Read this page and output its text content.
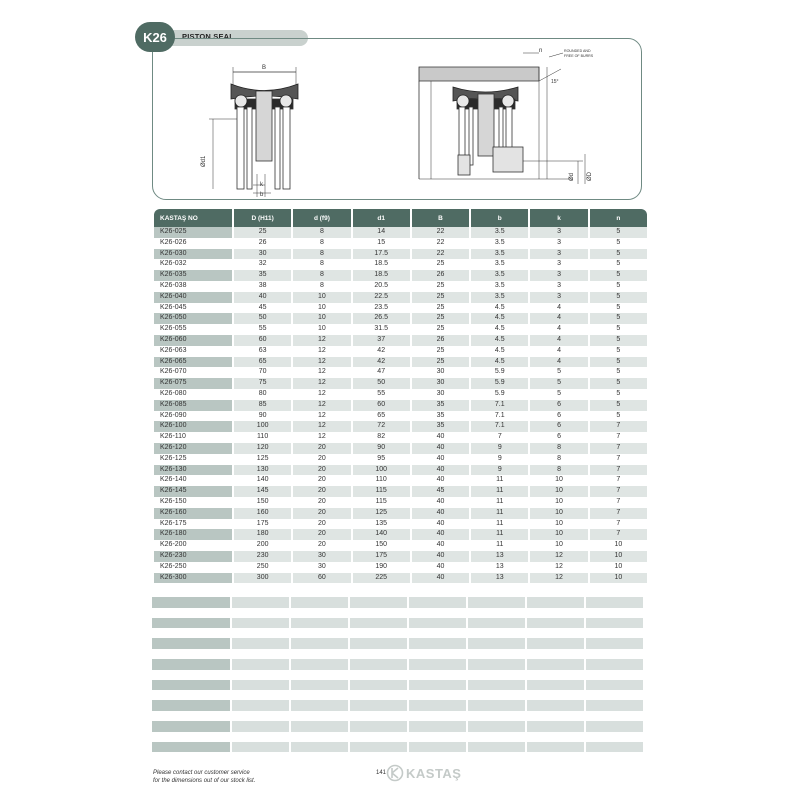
K26	PISTON SEAL
B
Ød1
k
b
n
15°
ROUNDED AND
FREE OF BURRS
Ød ØD
KASTAŞ NO	D (H11)	d (f9)	d1	B	b	k	n
K26-025	25	8	14	22	3.5	3	5
K26-026	26	8	15	22	3.5	3	5
K26-030	30	8	17.5	22	3.5	3	5
K26-032	32	8	18.5	25	3.5	3	5
K26-035	35	8	18.5	26	3.5	3	5
K26-038	38	8	20.5	25	3.5	3	5
K26-040	40	10	22.5	25	3.5	3	5
K26-045	45	10	23.5	25	4.5	4	5
K26-050	50	10	26.5	25	4.5	4	5
K26-055	55	10	31.5	25	4.5	4	5
K26-060	60	12	37	26	4.5	4	5
K26-063	63	12	42	25	4.5	4	5
K26-065	65	12	42	25	4.5	4	5
K26-070	70	12	47	30	5.9	5	5
K26-075	75	12	50	30	5.9	5	5
K26-080	80	12	55	30	5.9	5	5
K26-085	85	12	60	35	7.1	6	5
K26-090	90	12	65	35	7.1	6	5
K26-100	100	12	72	35	7.1	6	7
K26-110	110	12	82	40	7	6	7
K26-120	120	20	90	40	9	8	7
K26-125	125	20	95	40	9	8	7
K26-130	130	20	100	40	9	8	7
K26-140	140	20	110	40	11	10	7
K26-145	145	20	115	45	11	10	7
K26-150	150	20	115	40	11	10	7
K26-160	160	20	125	40	11	10	7
K26-175	175	20	135	40	11	10	7
K26-180	180	20	140	40	11	10	7
K26-200	200	20	150	40	11	10	10
K26-230	230	30	175	40	13	12	10
K26-250	250	30	190	40	13	12	10
K26-300	300	60	225	40	13	12	10
Please contact our customer service
for the dimensions out of our stock list.
141 KASTAŞ
